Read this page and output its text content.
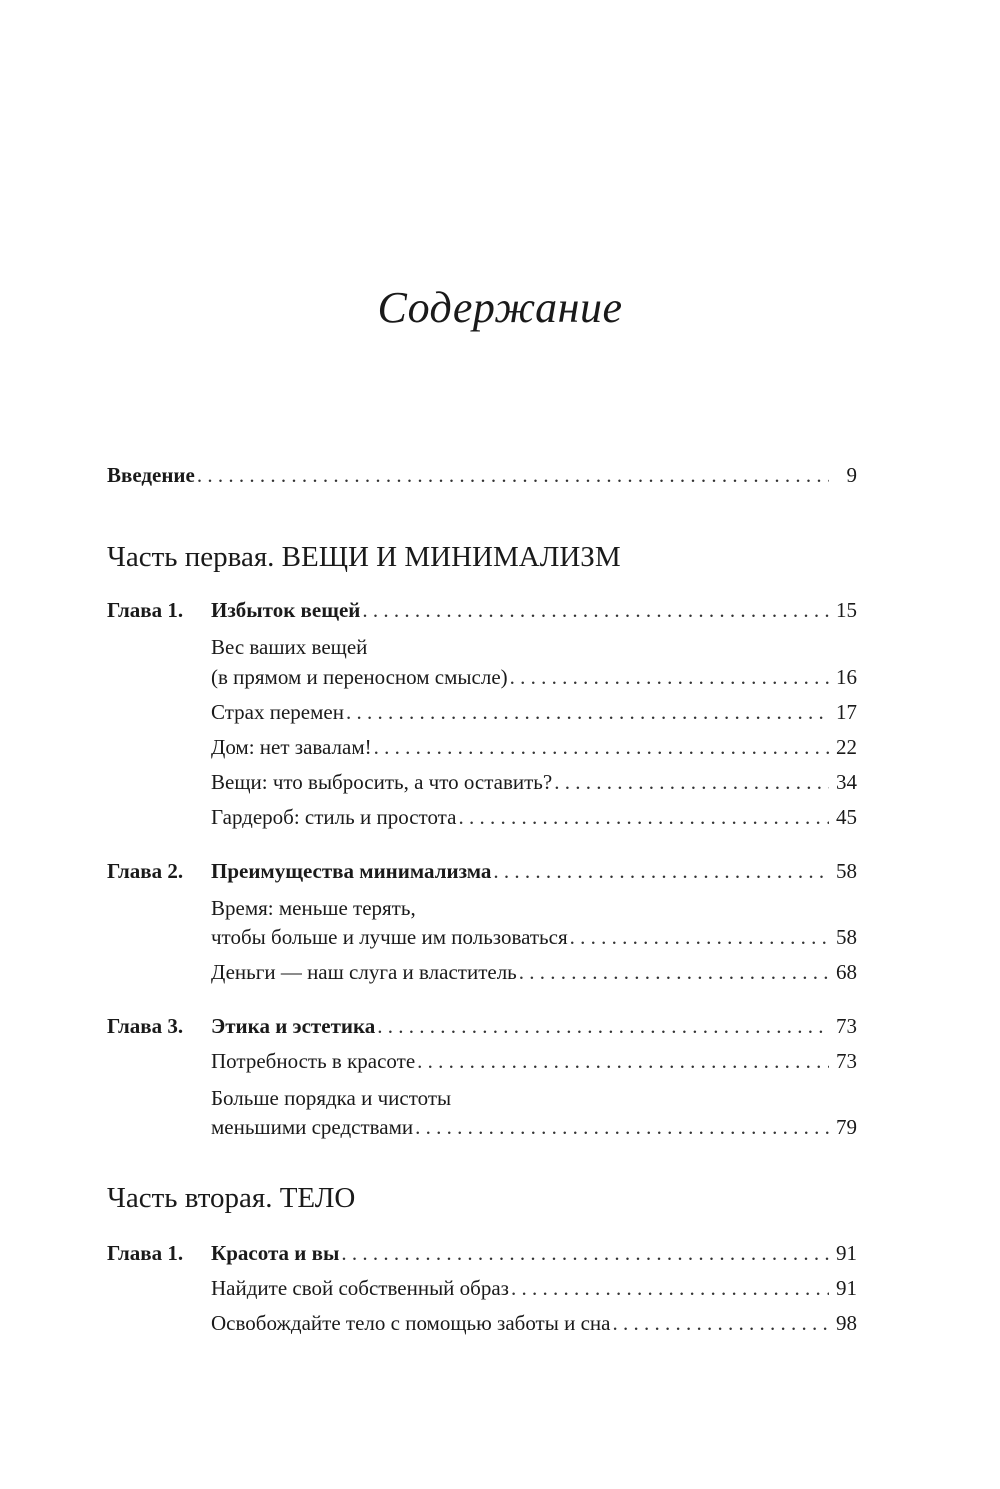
Содержание
Введение . . .	9
Часть первая. ВЕЩИ И МИНИМАЛИЗМ
Глава 1.	Избыток вещей . . .	15
Вес ваших вещей
(в прямом и переносном смысле) . . .	16
Страх перемен . . .	17
Дом: нет завалам! . . .	22
Вещи: что выбросить, а что оставить? . . .	34
Гардероб: стиль и простота . . .	45
Глава 2.	Преимущества минимализма . . .	58
Время: меньше терять,
чтобы больше и лучше им пользоваться . . .	58
Деньги — наш слуга и властитель . . .	68
Глава 3.	Этика и эстетика . . .	73
Потребность в красоте . . .	73
Больше порядка и чистоты
меньшими средствами . . .	79
Часть вторая. ТЕЛО
Глава 1.	Красота и вы . . .	91
Найдите свой собственный образ . . .	91
Освобождайте тело с помощью заботы и сна . . .	98
